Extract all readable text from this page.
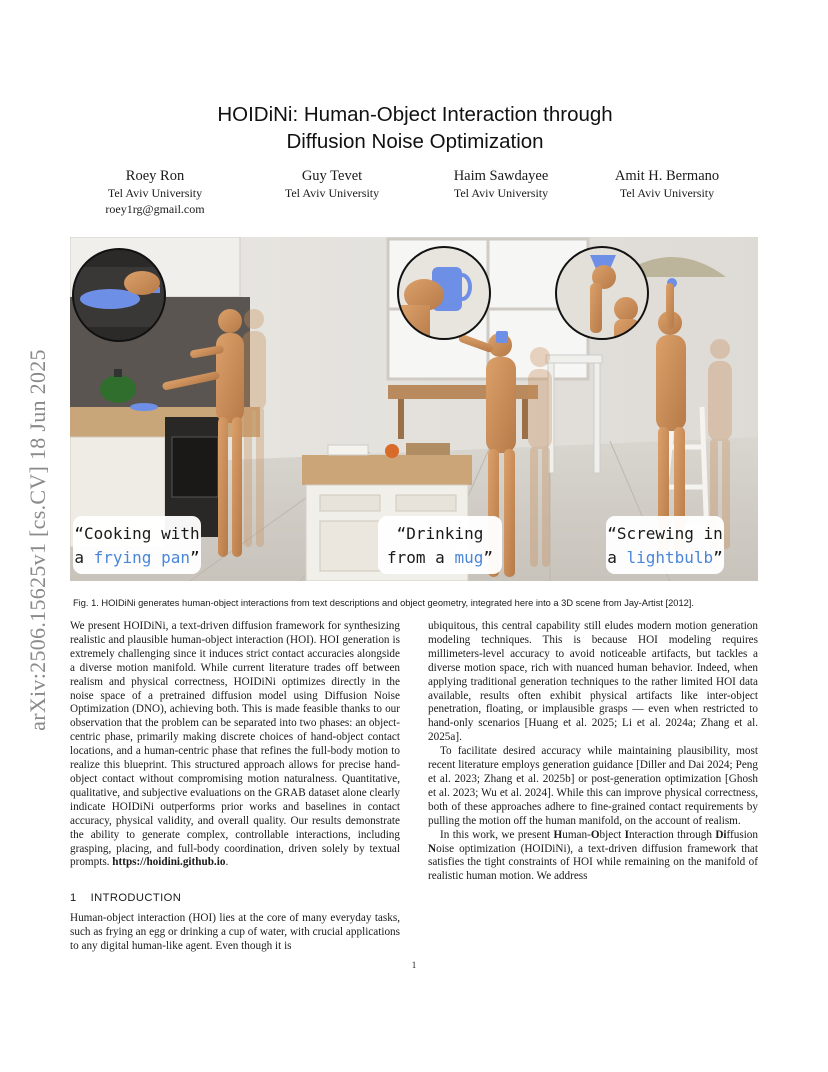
arXiv:2506.15625v1 [cs.CV] 18 Jun 2025
HOIDiNi: Human-Object Interaction through
Diffusion Noise Optimization
Roey Ron
Tel Aviv University
roey1rg@gmail.com
Guy Tevet
Tel Aviv University
Haim Sawdayee
Tel Aviv University
Amit H. Bermano
Tel Aviv University
“Cooking with
a frying pan”
“Drinking
from a mug”
“Screwing in
a lightbulb”
Fig. 1. HOIDiNi generates human-object interactions from text descriptions and object geometry, integrated here into a 3D scene from Jay-Artist [2012].

We present HOIDiNi, a text-driven diffusion framework for synthesizing realistic and plausible human-object interaction (HOI). HOI generation is extremely challenging since it induces strict contact accuracies alongside a diverse motion manifold. While current literature trades off between realism and physical correctness, HOIDiNi optimizes directly in the noise space of a pretrained diffusion model using Diffusion Noise Optimization (DNO), achieving both. This is made feasible thanks to our observation that the problem can be separated into two phases: an object-centric phase, primarily making discrete choices of hand-object contact locations, and a human-centric phase that refines the full-body motion to realize this blueprint. This structured approach allows for precise hand-object contact without compromising motion naturalness. Quantitative, qualitative, and subjective evaluations on the GRAB dataset alone clearly indicate HOIDiNi outperforms prior works and baselines in contact accuracy, physical validity, and overall quality. Our results demonstrate the ability to generate complex, controllable interactions, including grasping, placing, and full-body coordination, driven solely by textual prompts. https://hoidini.github.io.

1 INTRODUCTION

Human-object interaction (HOI) lies at the core of many everyday tasks, such as frying an egg or drinking a cup of water, with crucial applications to any digital human-like agent. Even though it is

ubiquitous, this central capability still eludes modern motion generation modeling techniques. This is because HOI modeling requires millimeters-level accuracy to avoid noticeable artifacts, but tackles a diverse motion space, rich with nuanced human behavior. Indeed, when applying traditional generation techniques to the rather limited HOI data available, results often exhibit physical artifacts like inter-object penetration, floating, or implausible grasps — even when restricted to hand-only scenarios [Huang et al. 2025; Li et al. 2024a; Zhang et al. 2025a].

To facilitate desired accuracy while maintaining plausibility, most recent literature employs generation guidance [Diller and Dai 2024; Peng et al. 2023; Zhang et al. 2025b] or post-generation optimization [Ghosh et al. 2023; Wu et al. 2024]. While this can improve physical correctness, both of these approaches adhere to fine-grained contact requirements by pulling the motion off the human manifold, on the account of realism.

In this work, we present Human-Object Interaction through Diffusion Noise optimization (HOIDiNi), a text-driven diffusion framework that satisfies the tight constraints of HOI while remaining on the manifold of realistic human motion. We address

1
